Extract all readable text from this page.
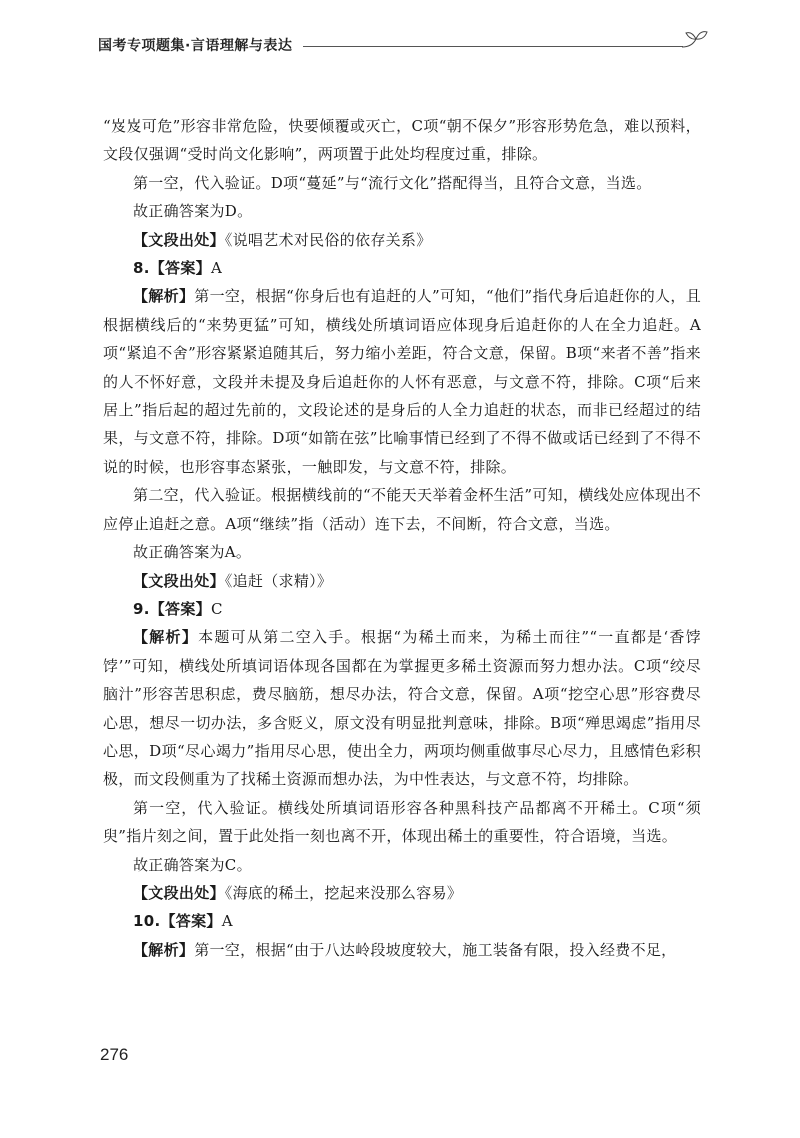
国考专项题集·言语理解与表达

“岌岌可危”形容非常危险，快要倾覆或灭亡，C项“朝不保夕”形容形势危急，难以预料，文段仅强调“受时尚文化影响”，两项置于此处均程度过重，排除。

第一空，代入验证。D项“蔓延”与“流行文化”搭配得当，且符合文意，当选。

故正确答案为D。

【文段出处】《说唱艺术对民俗的依存关系》

8.【答案】A

【解析】第一空，根据“你身后也有追赶的人”可知，“他们”指代身后追赶你的人，且根据横线后的“来势更猛”可知，横线处所填词语应体现身后追赶你的人在全力追赶。A项“紧追不舍”形容紧紧追随其后，努力缩小差距，符合文意，保留。B项“来者不善”指来的人不怀好意，文段并未提及身后追赶你的人怀有恶意，与文意不符，排除。C项“后来居上”指后起的超过先前的，文段论述的是身后的人全力追赶的状态，而非已经超过的结果，与文意不符，排除。D项“如箭在弦”比喻事情已经到了不得不做或话已经到了不得不说的时候，也形容事态紧张，一触即发，与文意不符，排除。

第二空，代入验证。根据横线前的“不能天天举着金杯生活”可知，横线处应体现出不应停止追赶之意。A项“继续”指（活动）连下去，不间断，符合文意，当选。

故正确答案为A。

【文段出处】《追赶（求精）》

9.【答案】C

【解析】本题可从第二空入手。根据“为稀土而来，为稀土而往”“一直都是‘香饽饽’”可知，横线处所填词语体现各国都在为掌握更多稀土资源而努力想办法。C项“绞尽脑汁”形容苦思积虑，费尽脑筋，想尽办法，符合文意，保留。A项“挖空心思”形容费尽心思，想尽一切办法，多含贬义，原文没有明显批判意味，排除。B项“殚思竭虑”指用尽心思，D项“尽心竭力”指用尽心思，使出全力，两项均侧重做事尽心尽力，且感情色彩积极，而文段侧重为了找稀土资源而想办法，为中性表达，与文意不符，均排除。

第一空，代入验证。横线处所填词语形容各种黑科技产品都离不开稀土。C项“须臾”指片刻之间，置于此处指一刻也离不开，体现出稀土的重要性，符合语境，当选。

故正确答案为C。

【文段出处】《海底的稀土，挖起来没那么容易》

10.【答案】A

【解析】第一空，根据“由于八达岭段坡度较大，施工装备有限，投入经费不足，

276
